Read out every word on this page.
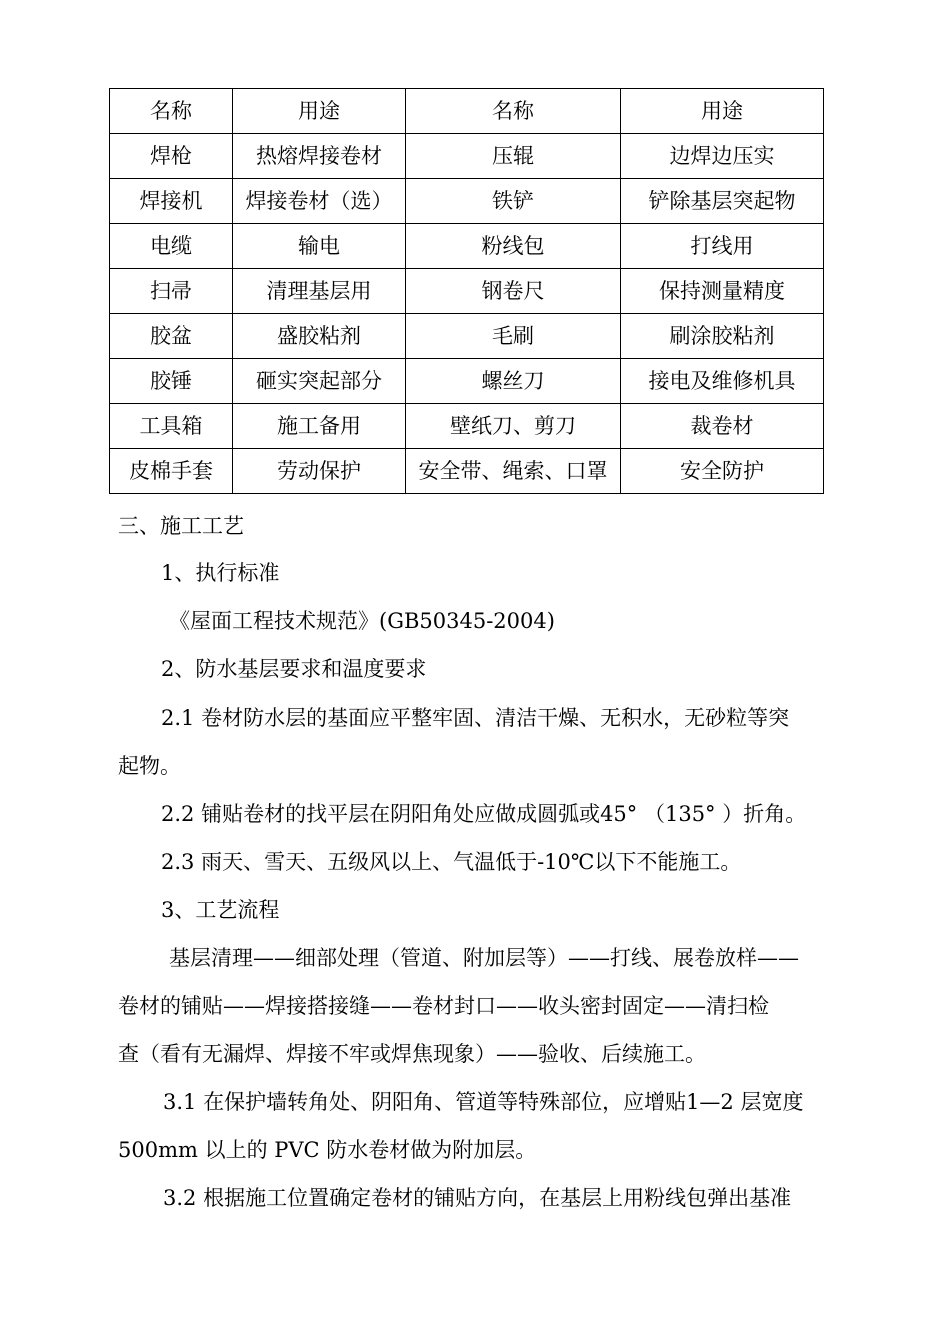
名称	用途	名称	用途
焊枪	热熔焊接卷材	压辊	边焊边压实
焊接机	焊接卷材（选）	铁铲	铲除基层突起物
电缆	输电	粉线包	打线用
扫帚	清理基层用	钢卷尺	保持测量精度
胶盆	盛胶粘剂	毛刷	刷涂胶粘剂
胶锤	砸实突起部分	螺丝刀	接电及维修机具
工具箱	施工备用	壁纸刀、剪刀	裁卷材
皮棉手套	劳动保护	安全带、绳索、口罩	安全防护
三、施工工艺
1、执行标准
《屋面工程技术规范》(GB50345-2004)
2、防水基层要求和温度要求
2.1 卷材防水层的基面应平整牢固、清洁干燥、无积水，无砂粒等突
起物。
2.2 铺贴卷材的找平层在阴阳角处应做成圆弧或45° （135° ）折角。
2.3 雨天、雪天、五级风以上、气温低于-10℃以下不能施工。
3、工艺流程
基层清理——细部处理（管道、附加层等）——打线、展卷放样——
卷材的铺贴——焊接搭接缝——卷材封口——收头密封固定——清扫检
查（看有无漏焊、焊接不牢或焊焦现象）——验收、后续施工。
3.1 在保护墙转角处、阴阳角、管道等特殊部位，应增贴1—2 层宽度
500mm 以上的 PVC 防水卷材做为附加层。
3.2 根据施工位置确定卷材的铺贴方向，在基层上用粉线包弹出基准
